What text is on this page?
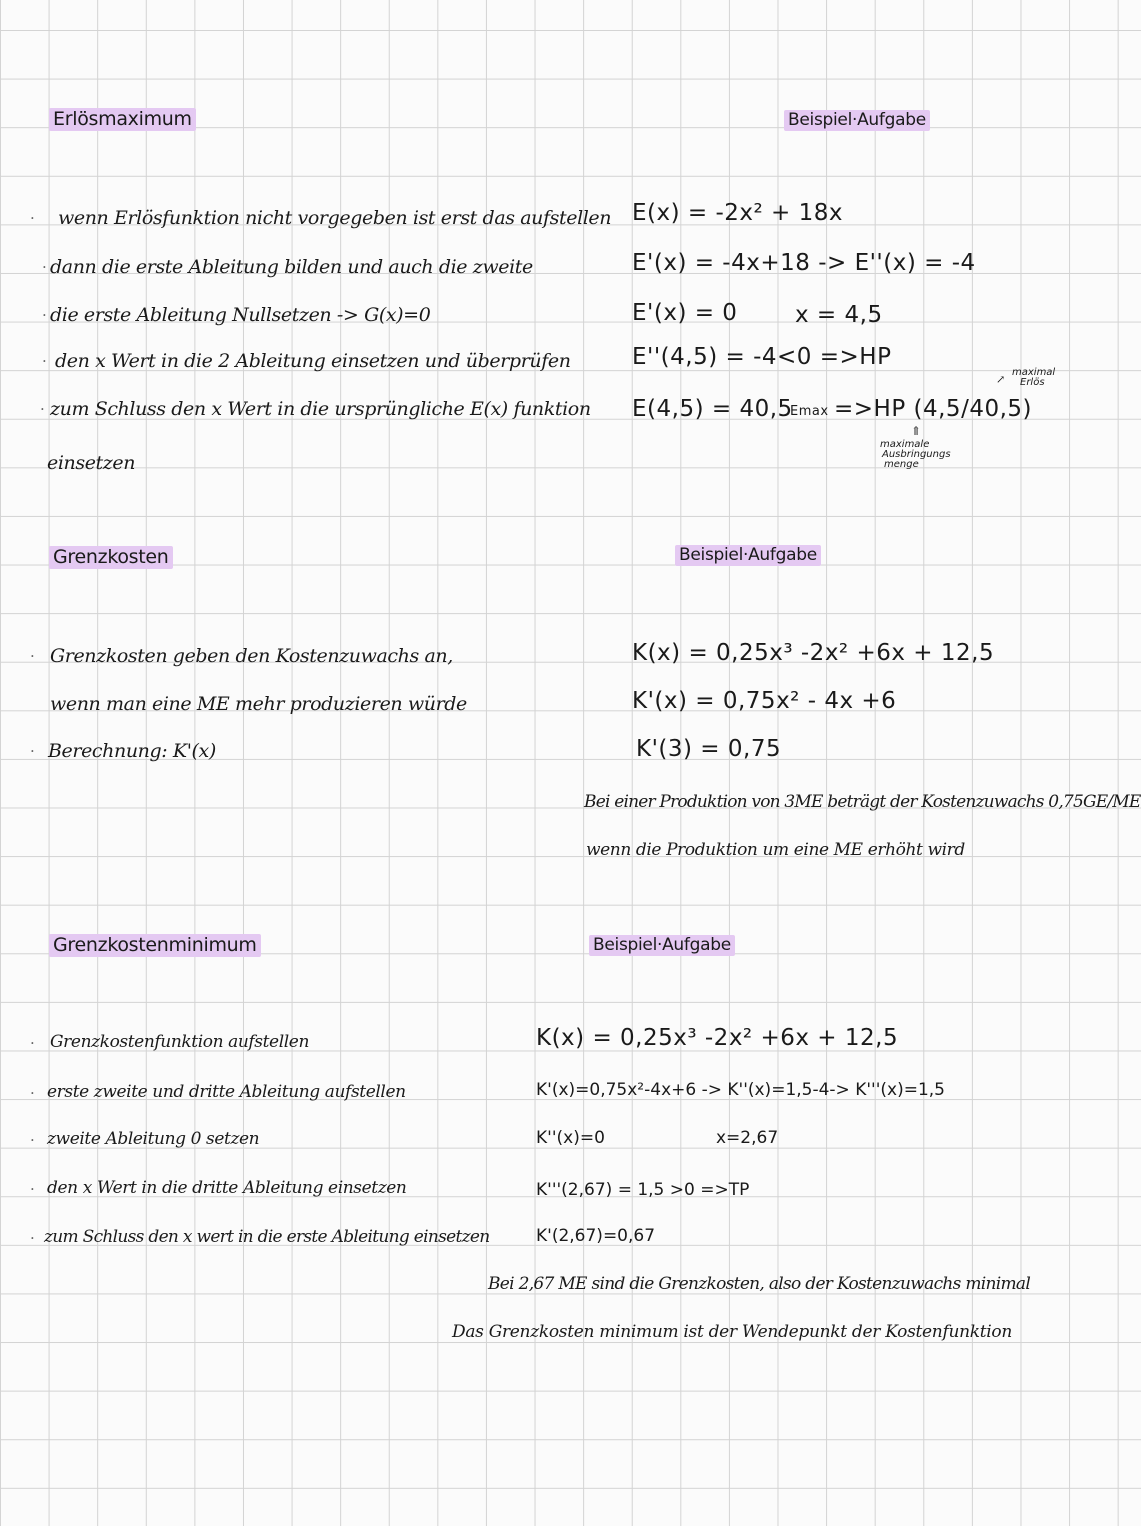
Erlösmaximum	Beispiel·Aufgabe
· wenn Erlösfunktion nicht vorgegeben ist erst das aufstellen
· dann die erste Ableitung bilden und auch die zweite
· die erste Ableitung Nullsetzen -> G(x)=0
· den x Wert in die 2 Ableitung einsetzen und überprüfen
· zum Schluss den x Wert in die ursprüngliche E(x) funktion
einsetzen
E(x) = -2x² + 18x
E'(x) = -4x+18 -> E''(x) = -4
E'(x) = 0	x = 4,5
E''(4,5) = -4<0 =>HP
E(4,5) = 40,5
Emax =>HP (4,5/40,5)
maximal
Erlös
↗
⇑
maximale
Ausbringungs
menge
Grenzkosten	Beispiel·Aufgabe
· Grenzkosten geben den Kostenzuwachs an,
wenn man eine ME mehr produzieren würde
· Berechnung: K'(x)
K(x) = 0,25x³ -2x² +6x + 12,5
K'(x) = 0,75x² - 4x +6
K'(3) = 0,75
Bei einer Produktion von 3ME beträgt der Kostenzuwachs 0,75GE/ME
wenn die Produktion um eine ME erhöht wird
Grenzkostenminimum	Beispiel·Aufgabe
· Grenzkostenfunktion aufstellen
· erste zweite und dritte Ableitung aufstellen
· zweite Ableitung 0 setzen
· den x Wert in die dritte Ableitung einsetzen
· zum Schluss den x wert in die erste Ableitung einsetzen
K(x) = 0,25x³ -2x² +6x + 12,5
K'(x)=0,75x²-4x+6 -> K''(x)=1,5-4-> K'''(x)=1,5
K''(x)=0	x=2,67
K'''(2,67) = 1,5 >0 =>TP
K'(2,67)=0,67
Bei 2,67 ME sind die Grenzkosten, also der Kostenzuwachs minimal
Das Grenzkosten minimum ist der Wendepunkt der Kostenfunktion
